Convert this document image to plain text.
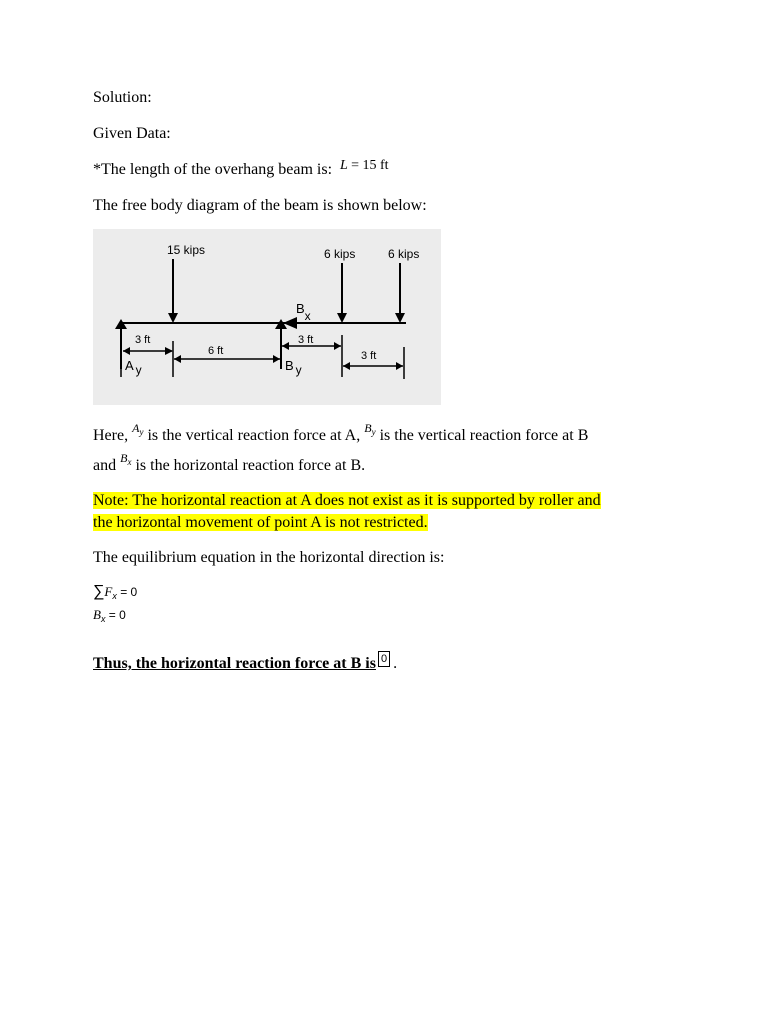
Solution:
Given Data:
*The length of the overhang beam is: L = 15 ft
The free body diagram of the beam is shown below:
15 kips	6 kips	6 kips
Bx
3 ft
6 ft
3 ft
3 ft
A y	B y
Here, $A_y$ is the vertical reaction force at A, $B_y$ is the vertical reaction force at B
and $B_x$ is the horizontal reaction force at B.
Note: The horizontal reaction at A does not exist as it is supported by roller and
the horizontal movement of point A is not restricted.
The equilibrium equation in the horizontal direction is:
$\sum F_x = 0$
$B_x = 0$
Thus, the horizontal reaction force at B is 0 .
